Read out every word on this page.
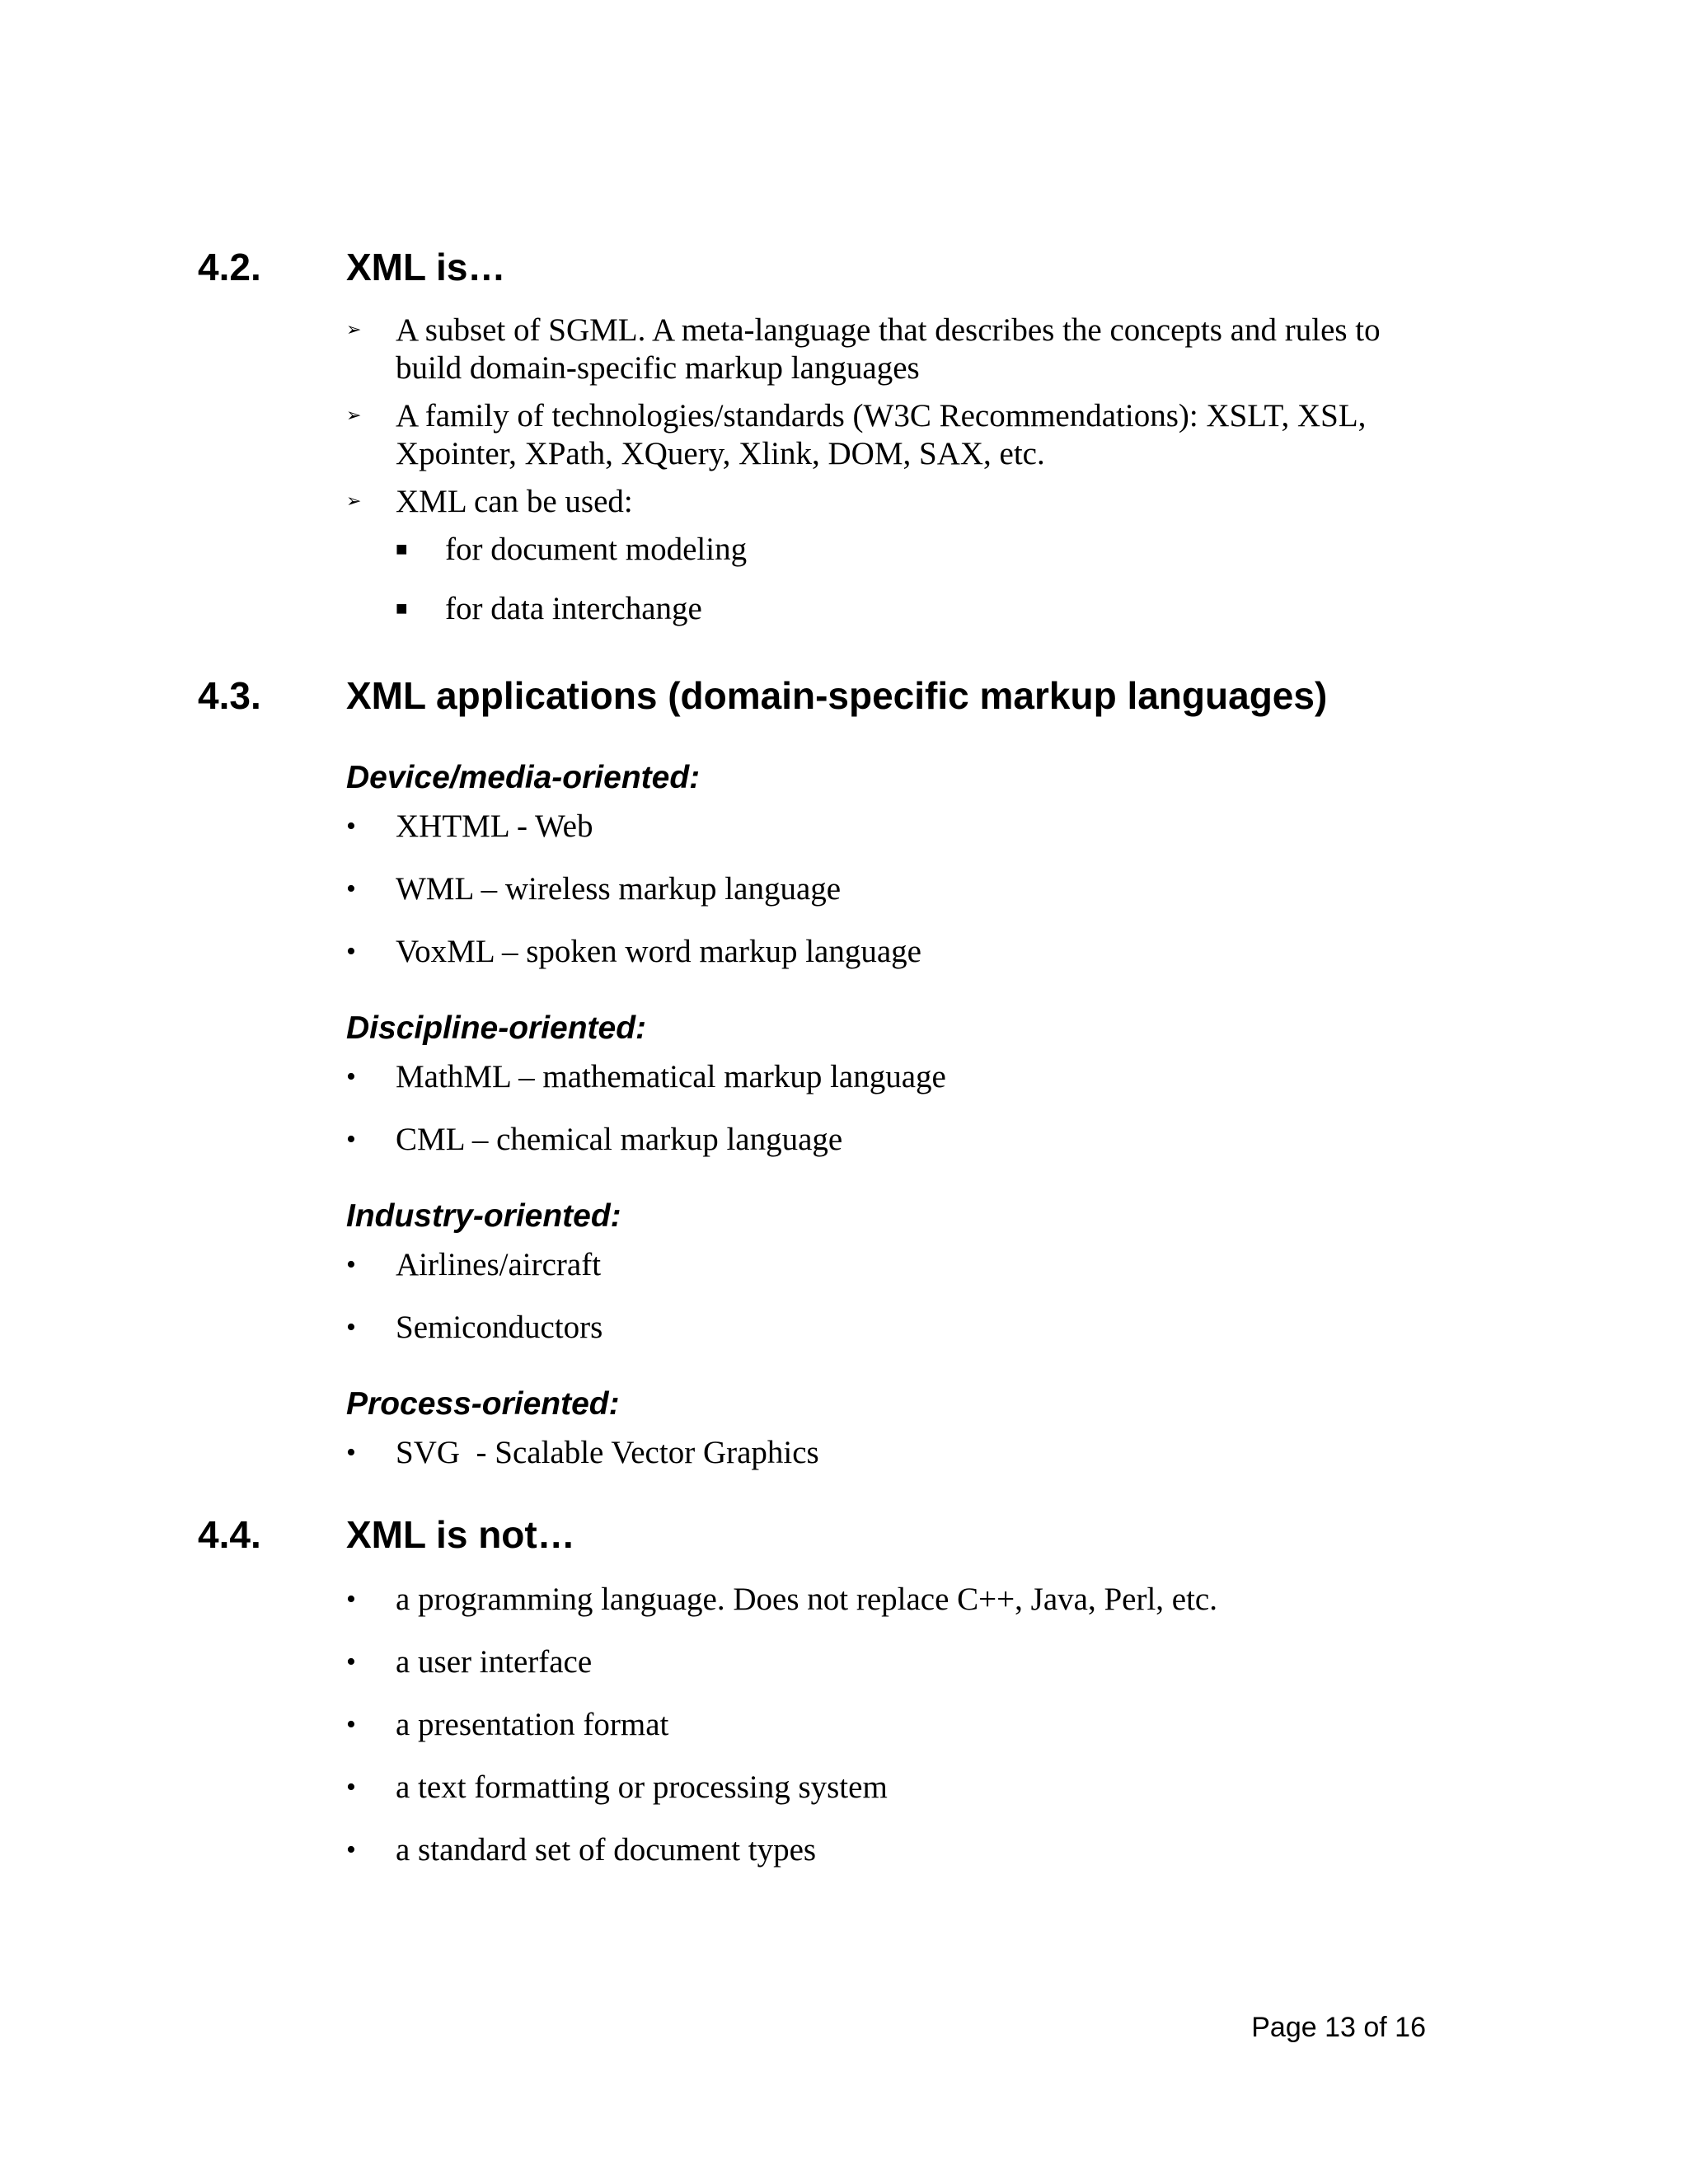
4.2. XML is…
➢	A subset of SGML. A meta-language that describes the concepts and rules to
build domain-specific markup languages
➢	A family of technologies/standards (W3C Recommendations): XSLT, XSL,
Xpointer, XPath, XQuery, Xlink, DOM, SAX, etc.
➢	XML can be used:
■ for document modeling
■ for data interchange
4.3. XML applications (domain-specific markup languages)
Device/media-oriented:
•	XHTML - Web
•	WML – wireless markup language
•	VoxML – spoken word markup language
Discipline-oriented:
•	MathML – mathematical markup language
•	CML – chemical markup language
Industry-oriented:
•	Airlines/aircraft
•	Semiconductors
Process-oriented:
•	SVG  - Scalable Vector Graphics
4.4. XML is not…
•	a programming language. Does not replace C++, Java, Perl, etc.
•	a user interface
•	a presentation format
•	a text formatting or processing system
•	a standard set of document types
Page 13 of 16
